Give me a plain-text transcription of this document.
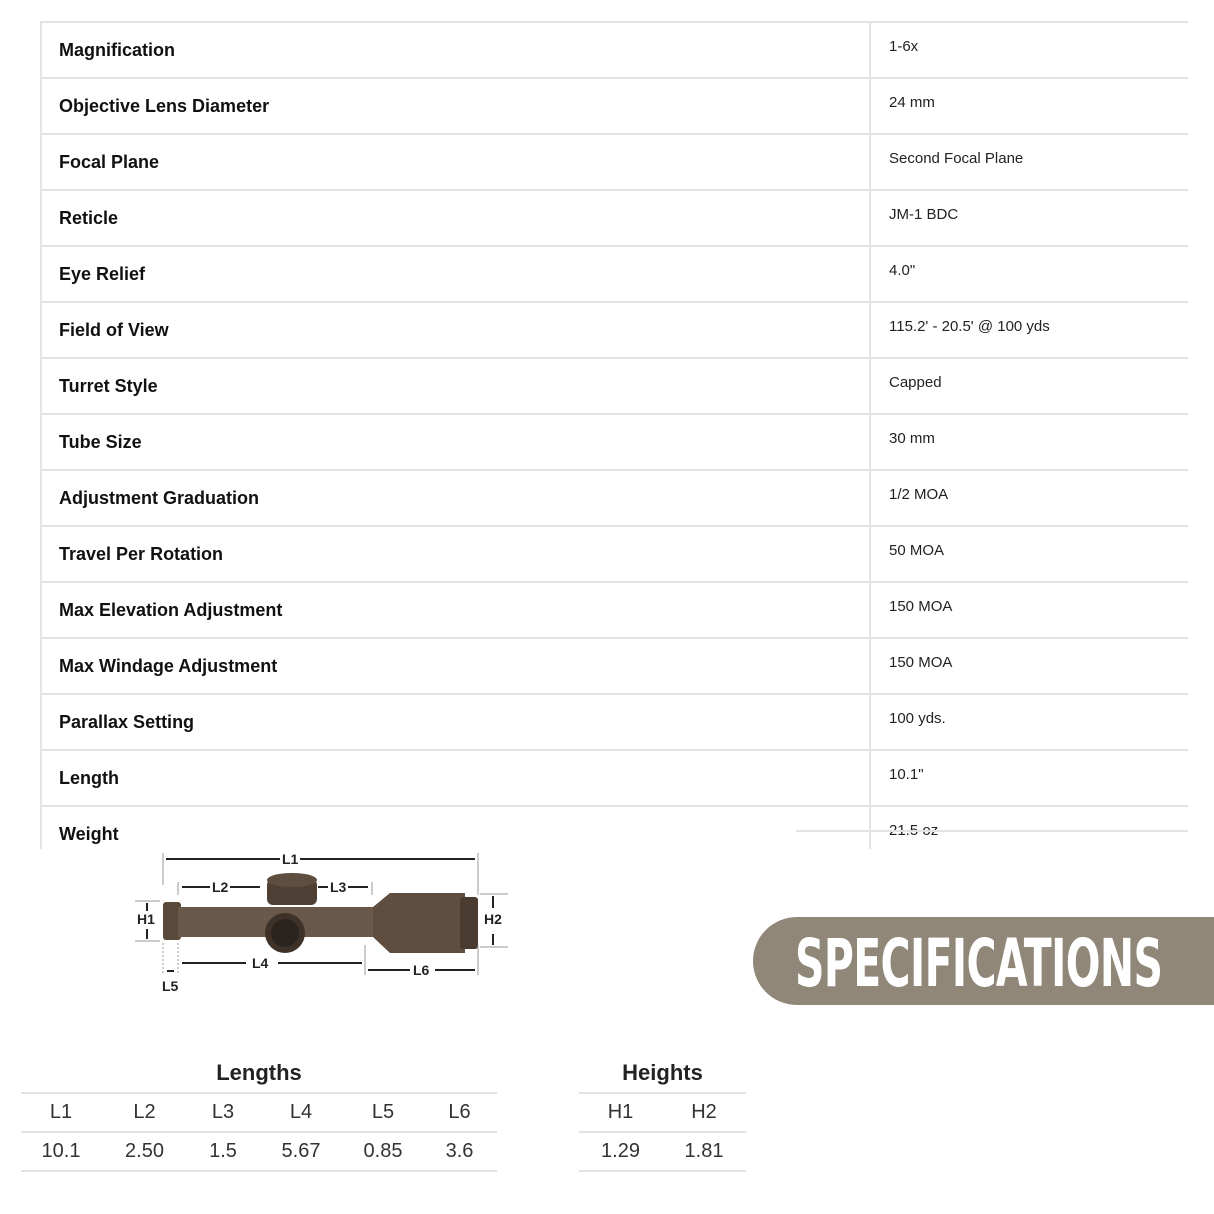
Magnification	1-6x
Objective Lens Diameter	24 mm
Focal Plane	Second Focal Plane
Reticle	JM-1 BDC
Eye Relief	4.0"
Field of View	115.2' - 20.5' @ 100 yds
Turret Style	Capped
Tube Size	30 mm
Adjustment Graduation	1/2 MOA
Travel Per Rotation	50 MOA
Max Elevation Adjustment	150 MOA
Max Windage Adjustment	150 MOA
Parallax Setting	100 yds.
Length	10.1"
Weight	21.5 oz
L1
L2	L3
L4
L5
L6
H1	H2
SPECIFICATIONS
Lengths
L1	L2	L3	L4	L5	L6
10.1	2.50	1.5	5.67	0.85	3.6
Heights
H1	H2
1.29	1.81
